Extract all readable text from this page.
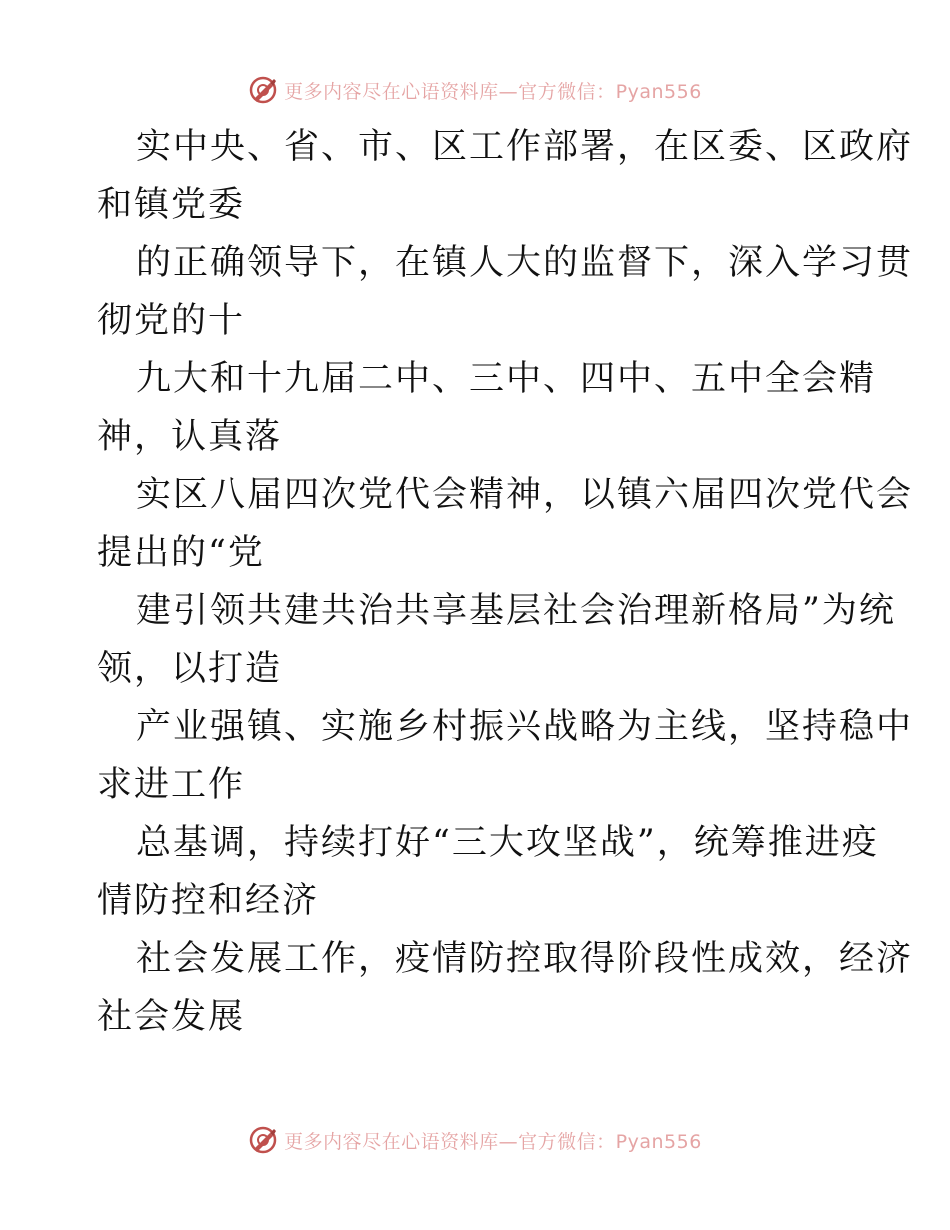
更多内容尽在心语资料库—官方微信：Pyan556
实中央、省、市、区工作部署，在区委、区政府
和镇党委
的正确领导下，在镇人大的监督下，深入学习贯
彻党的十
九大和十九届二中、三中、四中、五中全会精
神，认真落
实区八届四次党代会精神，以镇六届四次党代会
提出的“党
建引领共建共治共享基层社会治理新格局”为统
领，以打造
产业强镇、实施乡村振兴战略为主线，坚持稳中
求进工作
总基调，持续打好“三大攻坚战”，统筹推进疫
情防控和经济
社会发展工作，疫情防控取得阶段性成效，经济
社会发展
更多内容尽在心语资料库—官方微信：Pyan556
